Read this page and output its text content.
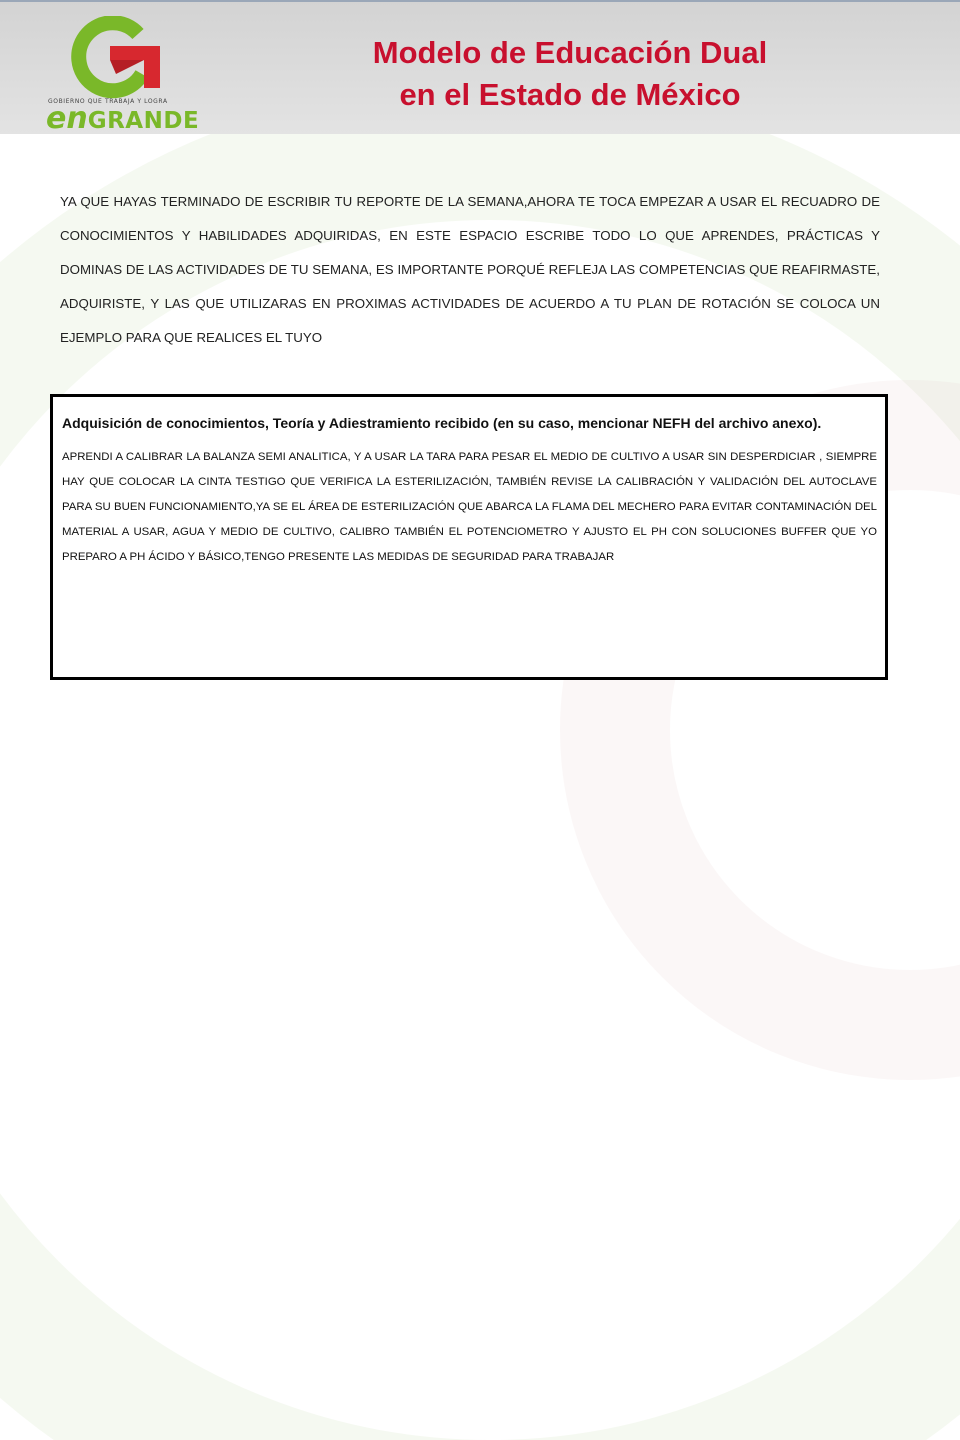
GOBIERNO QUE TRABAJA Y LOGRA
enGRANDE
Modelo de Educación Dual
en el Estado de México

YA QUE HAYAS TERMINADO DE ESCRIBIR TU REPORTE DE LA SEMANA,AHORA TE TOCA EMPEZAR A USAR EL RECUADRO DE CONOCIMIENTOS Y HABILIDADES ADQUIRIDAS, EN ESTE ESPACIO ESCRIBE TODO LO QUE APRENDES, PRÁCTICAS Y DOMINAS DE LAS ACTIVIDADES DE TU SEMANA, ES IMPORTANTE PORQUÉ REFLEJA LAS COMPETENCIAS QUE REAFIRMASTE, ADQUIRISTE, Y LAS QUE UTILIZARAS EN PROXIMAS ACTIVIDADES DE ACUERDO A TU PLAN DE ROTACIÓN SE COLOCA UN EJEMPLO PARA QUE REALICES EL TUYO

Adquisición de conocimientos, Teoría y Adiestramiento recibido (en su caso, mencionar NEFH del archivo anexo).

APRENDI A CALIBRAR LA BALANZA SEMI ANALITICA, Y A USAR LA TARA PARA PESAR EL MEDIO DE CULTIVO A USAR SIN DESPERDICIAR , SIEMPRE HAY QUE COLOCAR LA CINTA TESTIGO QUE VERIFICA LA ESTERILIZACIÓN, TAMBIÉN REVISE LA CALIBRACIÓN Y VALIDACIÓN DEL AUTOCLAVE PARA SU BUEN FUNCIONAMIENTO,YA SE EL ÁREA DE ESTERILIZACIÓN QUE ABARCA LA FLAMA DEL MECHERO PARA EVITAR CONTAMINACIÓN DEL MATERIAL A USAR, AGUA Y MEDIO DE CULTIVO, CALIBRO TAMBIÉN EL POTENCIOMETRO Y AJUSTO EL PH CON SOLUCIONES BUFFER QUE YO PREPARO A PH ÁCIDO Y BÁSICO,TENGO PRESENTE LAS MEDIDAS DE SEGURIDAD PARA TRABAJAR
